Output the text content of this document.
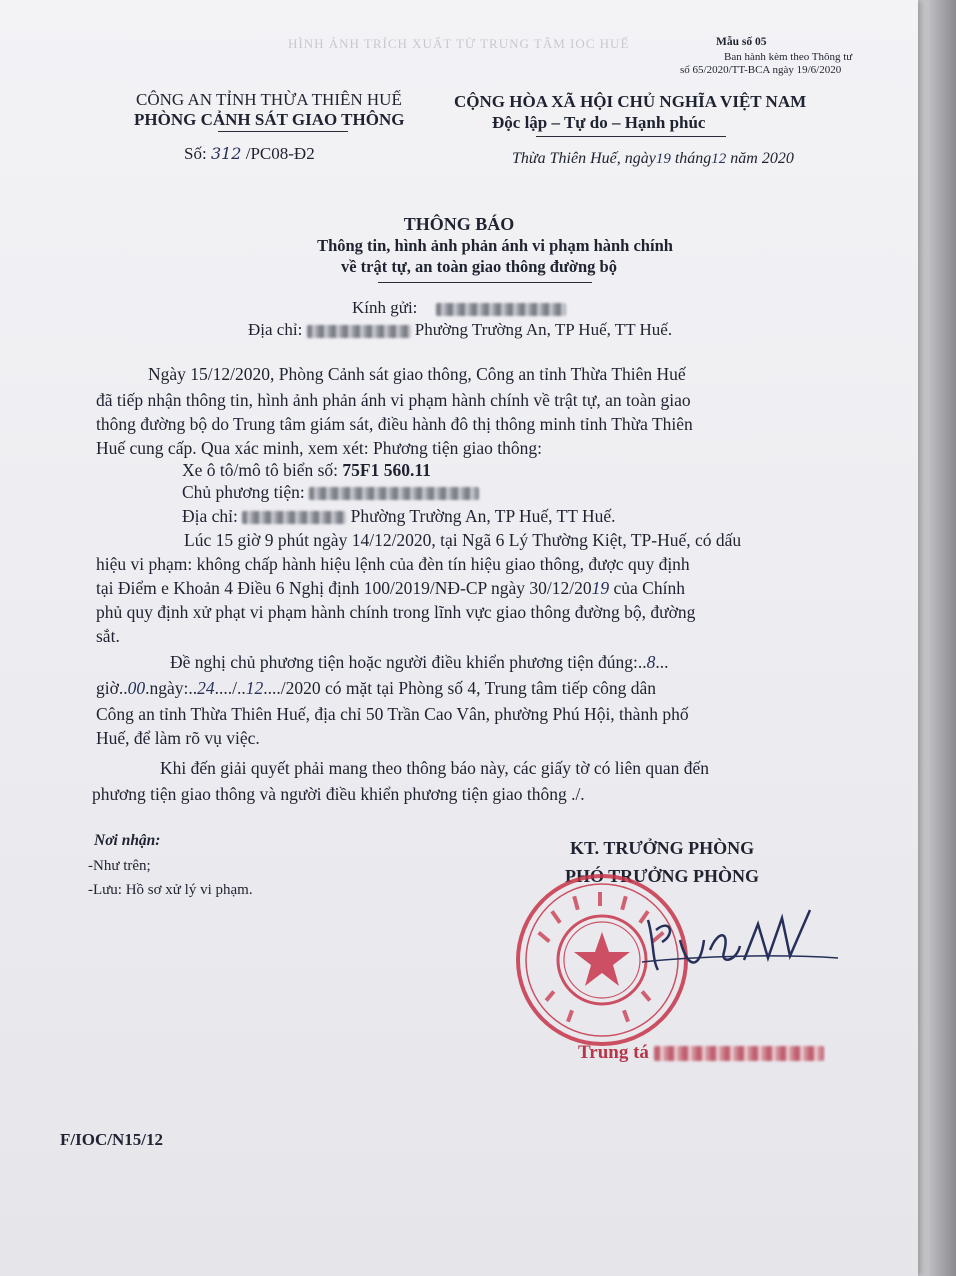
HÌNH ẢNH TRÍCH XUẤT TỪ TRUNG TÂM IOC HUẾ	Mẫu số 05
Ban hành kèm theo Thông tư
số 65/2020/TT-BCA ngày 19/6/2020
CÔNG AN TỈNH THỪA THIÊN HUẾ
PHÒNG CẢNH SÁT GIAO THÔNG
CỘNG HÒA XÃ HỘI CHỦ NGHĨA VIỆT NAM
Độc lập – Tự do – Hạnh phúc
Số: 312 /PC08-Đ2	Thừa Thiên Huế, ngày19 tháng12 năm 2020
THÔNG BÁO
Thông tin, hình ảnh phản ánh vi phạm hành chính
về trật tự, an toàn giao thông đường bộ
Kính gửi:
Địa chỉ:	Phường Trường An, TP Huế, TT Huế.
Ngày 15/12/2020, Phòng Cảnh sát giao thông, Công an tỉnh Thừa Thiên Huế
đã tiếp nhận thông tin, hình ảnh phản ánh vi phạm hành chính về trật tự, an toàn giao
thông đường bộ do Trung tâm giám sát, điều hành đô thị thông minh tỉnh Thừa Thiên
Huế cung cấp. Qua xác minh, xem xét: Phương tiện giao thông:
Xe ô tô/mô tô biển số: 75F1 560.11
Chủ phương tiện:
Địa chỉ:	Phường Trường An, TP Huế, TT Huế.
Lúc 15 giờ 9 phút ngày 14/12/2020, tại Ngã 6 Lý Thường Kiệt, TP-Huế, có dấu
hiệu vi phạm: không chấp hành hiệu lệnh của đèn tín hiệu giao thông, được quy định
tại Điểm e Khoản 4 Điều 6 Nghị định 100/2019/NĐ-CP ngày 30/12/2019 của Chính
phủ quy định xử phạt vi phạm hành chính trong lĩnh vực giao thông đường bộ, đường
sắt.
Đề nghị chủ phương tiện hoặc người điều khiển phương tiện đúng:..8...
giờ..00.ngày:..24..../..12..../2020 có mặt tại Phòng số 4, Trung tâm tiếp công dân
Công an tỉnh Thừa Thiên Huế, địa chỉ 50 Trần Cao Vân, phường Phú Hội, thành phố
Huế, để làm rõ vụ việc.
Khi đến giải quyết phải mang theo thông báo này, các giấy tờ có liên quan đến
phương tiện giao thông và người điều khiển phương tiện giao thông ./.
Nơi nhận:
-Như trên;
-Lưu: Hồ sơ xử lý vi phạm.
KT. TRƯỞNG PHÒNG
PHÓ TRƯỞNG PHÒNG
Trung tá
F/IOC/N15/12
